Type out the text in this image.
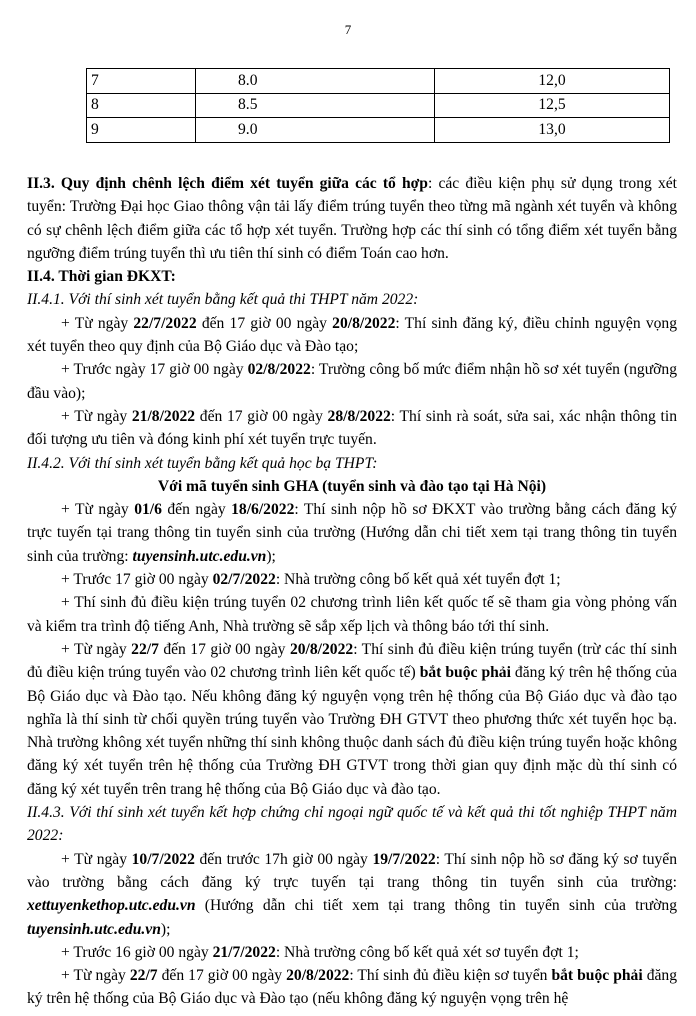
7
7	8.0	12,0
8	8.5	12,5
9	9.0	13,0

II.3. Quy định chênh lệch điểm xét tuyển giữa các tổ hợp: các điều kiện phụ sử dụng trong xét tuyển: Trường Đại học Giao thông vận tải lấy điểm trúng tuyển theo từng mã ngành xét tuyển và không có sự chênh lệch điểm giữa các tổ hợp xét tuyển. Trường hợp các thí sinh có tổng điểm xét tuyển bằng ngưỡng điểm trúng tuyển thì ưu tiên thí sinh có điểm Toán cao hơn.

II.4. Thời gian ĐKXT:

II.4.1. Với thí sinh xét tuyển bằng kết quả thi THPT năm 2022:

+ Từ ngày 22/7/2022 đến 17 giờ 00 ngày 20/8/2022: Thí sinh đăng ký, điều chỉnh nguyện vọng xét tuyển theo quy định của Bộ Giáo dục và Đào tạo;

+ Trước ngày 17 giờ 00 ngày 02/8/2022: Trường công bố mức điểm nhận hồ sơ xét tuyển (ngưỡng đầu vào);

+ Từ ngày 21/8/2022 đến 17 giờ 00 ngày 28/8/2022: Thí sinh rà soát, sửa sai, xác nhận thông tin đối tượng ưu tiên và đóng kinh phí xét tuyển trực tuyến.

II.4.2. Với thí sinh xét tuyển bằng kết quả học bạ THPT:

Với mã tuyển sinh GHA (tuyển sinh và đào tạo tại Hà Nội)

+ Từ ngày 01/6 đến ngày 18/6/2022: Thí sinh nộp hồ sơ ĐKXT vào trường bằng cách đăng ký trực tuyến tại trang thông tin tuyển sinh của trường (Hướng dẫn chi tiết xem tại trang thông tin tuyển sinh của trường: tuyensinh.utc.edu.vn);

+ Trước 17 giờ 00 ngày 02/7/2022: Nhà trường công bố kết quả xét tuyển đợt 1;

+ Thí sinh đủ điều kiện trúng tuyển 02 chương trình liên kết quốc tế sẽ tham gia vòng phỏng vấn và kiểm tra trình độ tiếng Anh, Nhà trường sẽ sắp xếp lịch và thông báo tới thí sinh.

+ Từ ngày 22/7 đến 17 giờ 00 ngày 20/8/2022: Thí sinh đủ điều kiện trúng tuyển (trừ các thí sinh đủ điều kiện trúng tuyển vào 02 chương trình liên kết quốc tế) bắt buộc phải đăng ký trên hệ thống của Bộ Giáo dục và Đào tạo. Nếu không đăng ký nguyện vọng trên hệ thống của Bộ Giáo dục và đào tạo nghĩa là thí sinh từ chối quyền trúng tuyển vào Trường ĐH GTVT theo phương thức xét tuyển học bạ. Nhà trường không xét tuyển những thí sinh không thuộc danh sách đủ điều kiện trúng tuyển hoặc không đăng ký xét tuyển trên hệ thống của Trường ĐH GTVT trong thời gian quy định mặc dù thí sinh có đăng ký xét tuyển trên trang hệ thống của Bộ Giáo dục và đào tạo.

II.4.3. Với thí sinh xét tuyển kết hợp chứng chỉ ngoại ngữ quốc tế và kết quả thi tốt nghiệp THPT năm 2022:

+ Từ ngày 10/7/2022 đến trước 17h giờ 00 ngày 19/7/2022: Thí sinh nộp hồ sơ đăng ký sơ tuyển vào trường bằng cách đăng ký trực tuyến tại trang thông tin tuyển sinh của trường: xettuyenkethop.utc.edu.vn (Hướng dẫn chi tiết xem tại trang thông tin tuyển sinh của trường tuyensinh.utc.edu.vn);

+ Trước 16 giờ 00 ngày 21/7/2022: Nhà trường công bố kết quả xét sơ tuyển đợt 1;

+ Từ ngày 22/7 đến 17 giờ 00 ngày 20/8/2022: Thí sinh đủ điều kiện sơ tuyển bắt buộc phải đăng ký trên hệ thống của Bộ Giáo dục và Đào tạo (nếu không đăng ký nguyện vọng trên hệ
